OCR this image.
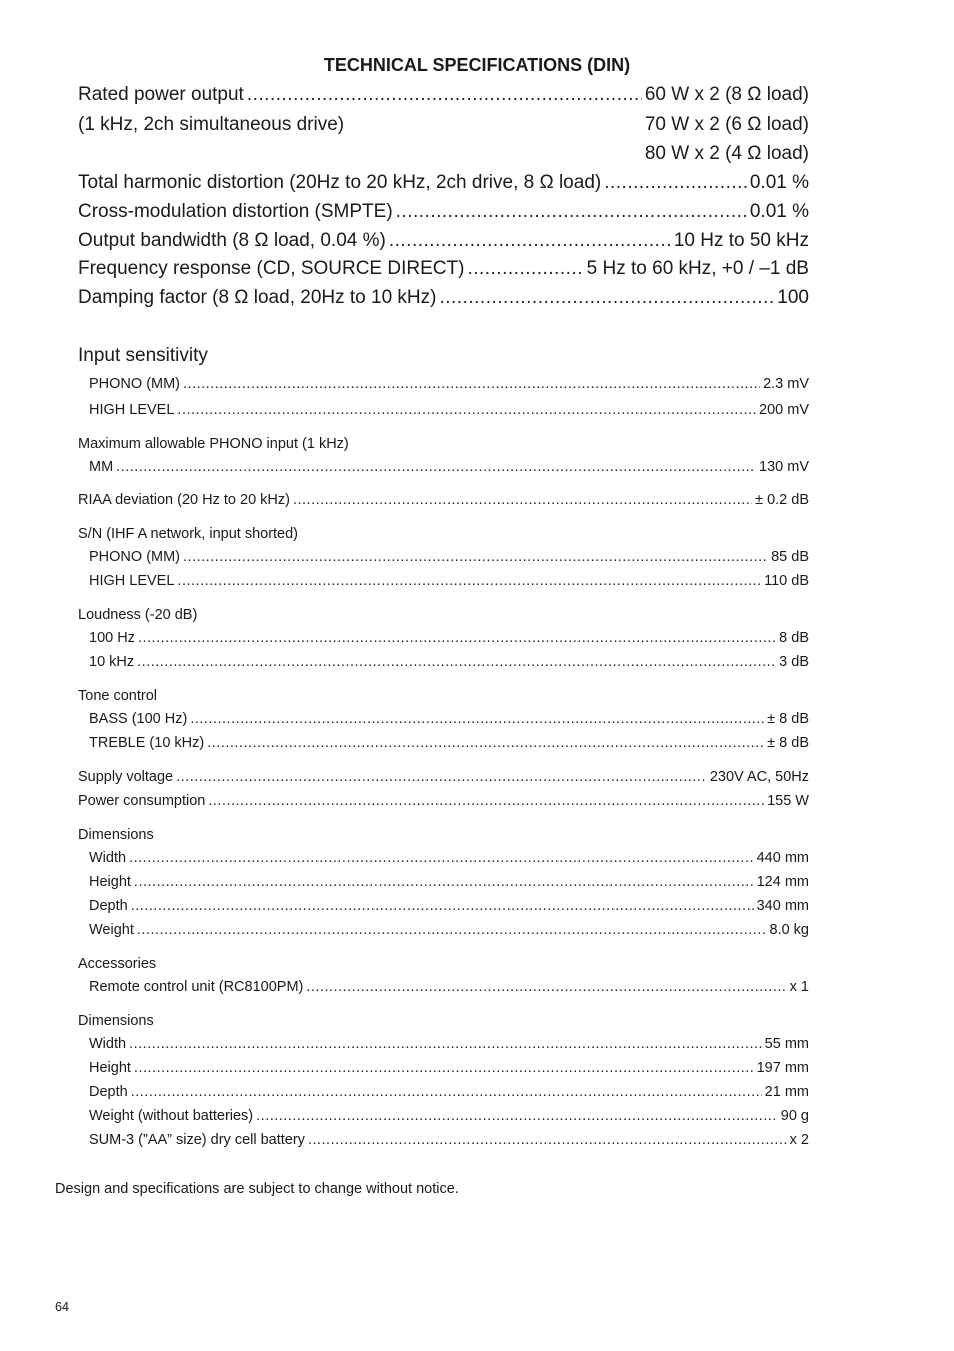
TECHNICAL SPECIFICATIONS (DIN)
Rated power output .....	60 W x 2 (8 Ω load)
(1 kHz, 2ch simultaneous drive)	70 W x 2 (6 Ω load)
80 W x 2 (4 Ω load)
Total harmonic distortion (20Hz to 20 kHz, 2ch drive, 8 Ω load) .....	0.01 %
Cross-modulation distortion (SMPTE) .....	0.01 %
Output bandwidth (8 Ω load, 0.04 %) .....	10 Hz to 50 kHz
Frequency response (CD, SOURCE DIRECT) .....	5 Hz to 60 kHz, +0 / –1 dB
Damping factor (8 Ω load, 20Hz to 10 kHz) .....	100
Input sensitivity
PHONO (MM) .....	2.3 mV
HIGH LEVEL .....	200 mV
Maximum allowable PHONO input (1 kHz)
MM .....	130 mV
RIAA deviation (20 Hz to 20 kHz) .....	± 0.2 dB
S/N (IHF A network, input shorted)
PHONO (MM) .....	85 dB
HIGH LEVEL .....	110 dB
Loudness (-20 dB)
100 Hz .....	8 dB
10 kHz .....	3 dB
Tone control
BASS (100 Hz) .....	± 8 dB
TREBLE (10 kHz) .....	± 8 dB
Supply voltage .....	230V AC, 50Hz
Power consumption .....	155 W
Dimensions
Width .....	440 mm
Height .....	124 mm
Depth .....	340 mm
Weight .....	8.0 kg
Accessories
Remote control unit (RC8100PM) .....	x 1
Dimensions
Width .....	55 mm
Height .....	197 mm
Depth .....	21 mm
Weight (without batteries) .....	90 g
SUM-3 (”AA” size) dry cell battery .....	x 2
Design and specifications are subject to change without notice.
64
